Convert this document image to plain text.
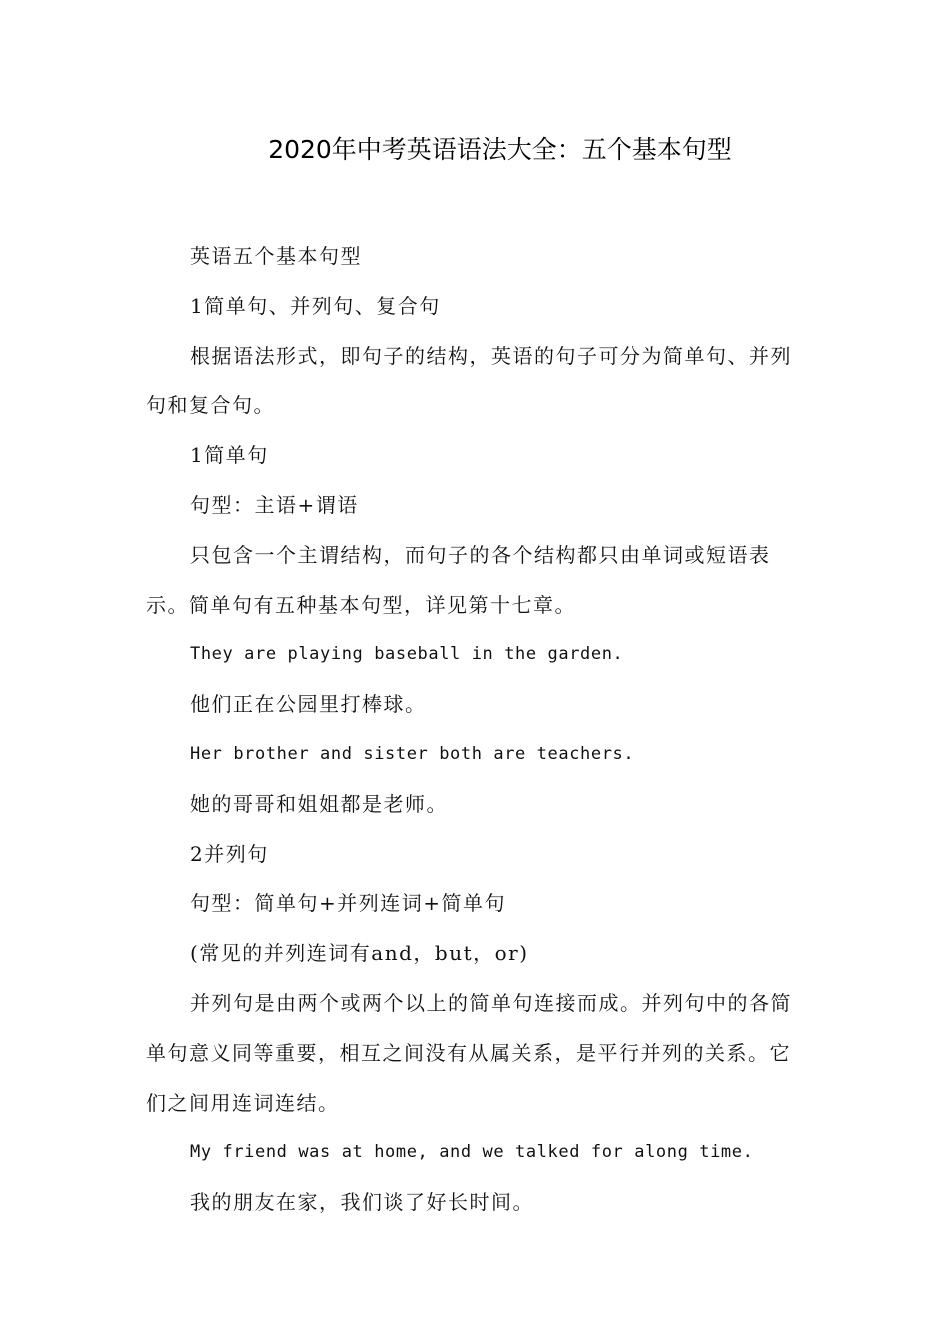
2020年中考英语语法大全：五个基本句型

英语五个基本句型

1简单句、并列句、复合句

根据语法形式，即句子的结构，英语的句子可分为简单句、并列句和复合句。

1简单句

句型：主语+谓语

只包含一个主谓结构，而句子的各个结构都只由单词或短语表示。简单句有五种基本句型，详见第十七章。

They are playing baseball in the garden.

他们正在公园里打棒球。

Her brother and sister both are teachers.

她的哥哥和姐姐都是老师。

2并列句

句型：简单句+并列连词+简单句

(常见的并列连词有and，but，or)

并列句是由两个或两个以上的简单句连接而成。并列句中的各简单句意义同等重要，相互之间没有从属关系，是平行并列的关系。它们之间用连词连结。

My friend was at home, and we talked for along time.

我的朋友在家，我们谈了好长时间。
